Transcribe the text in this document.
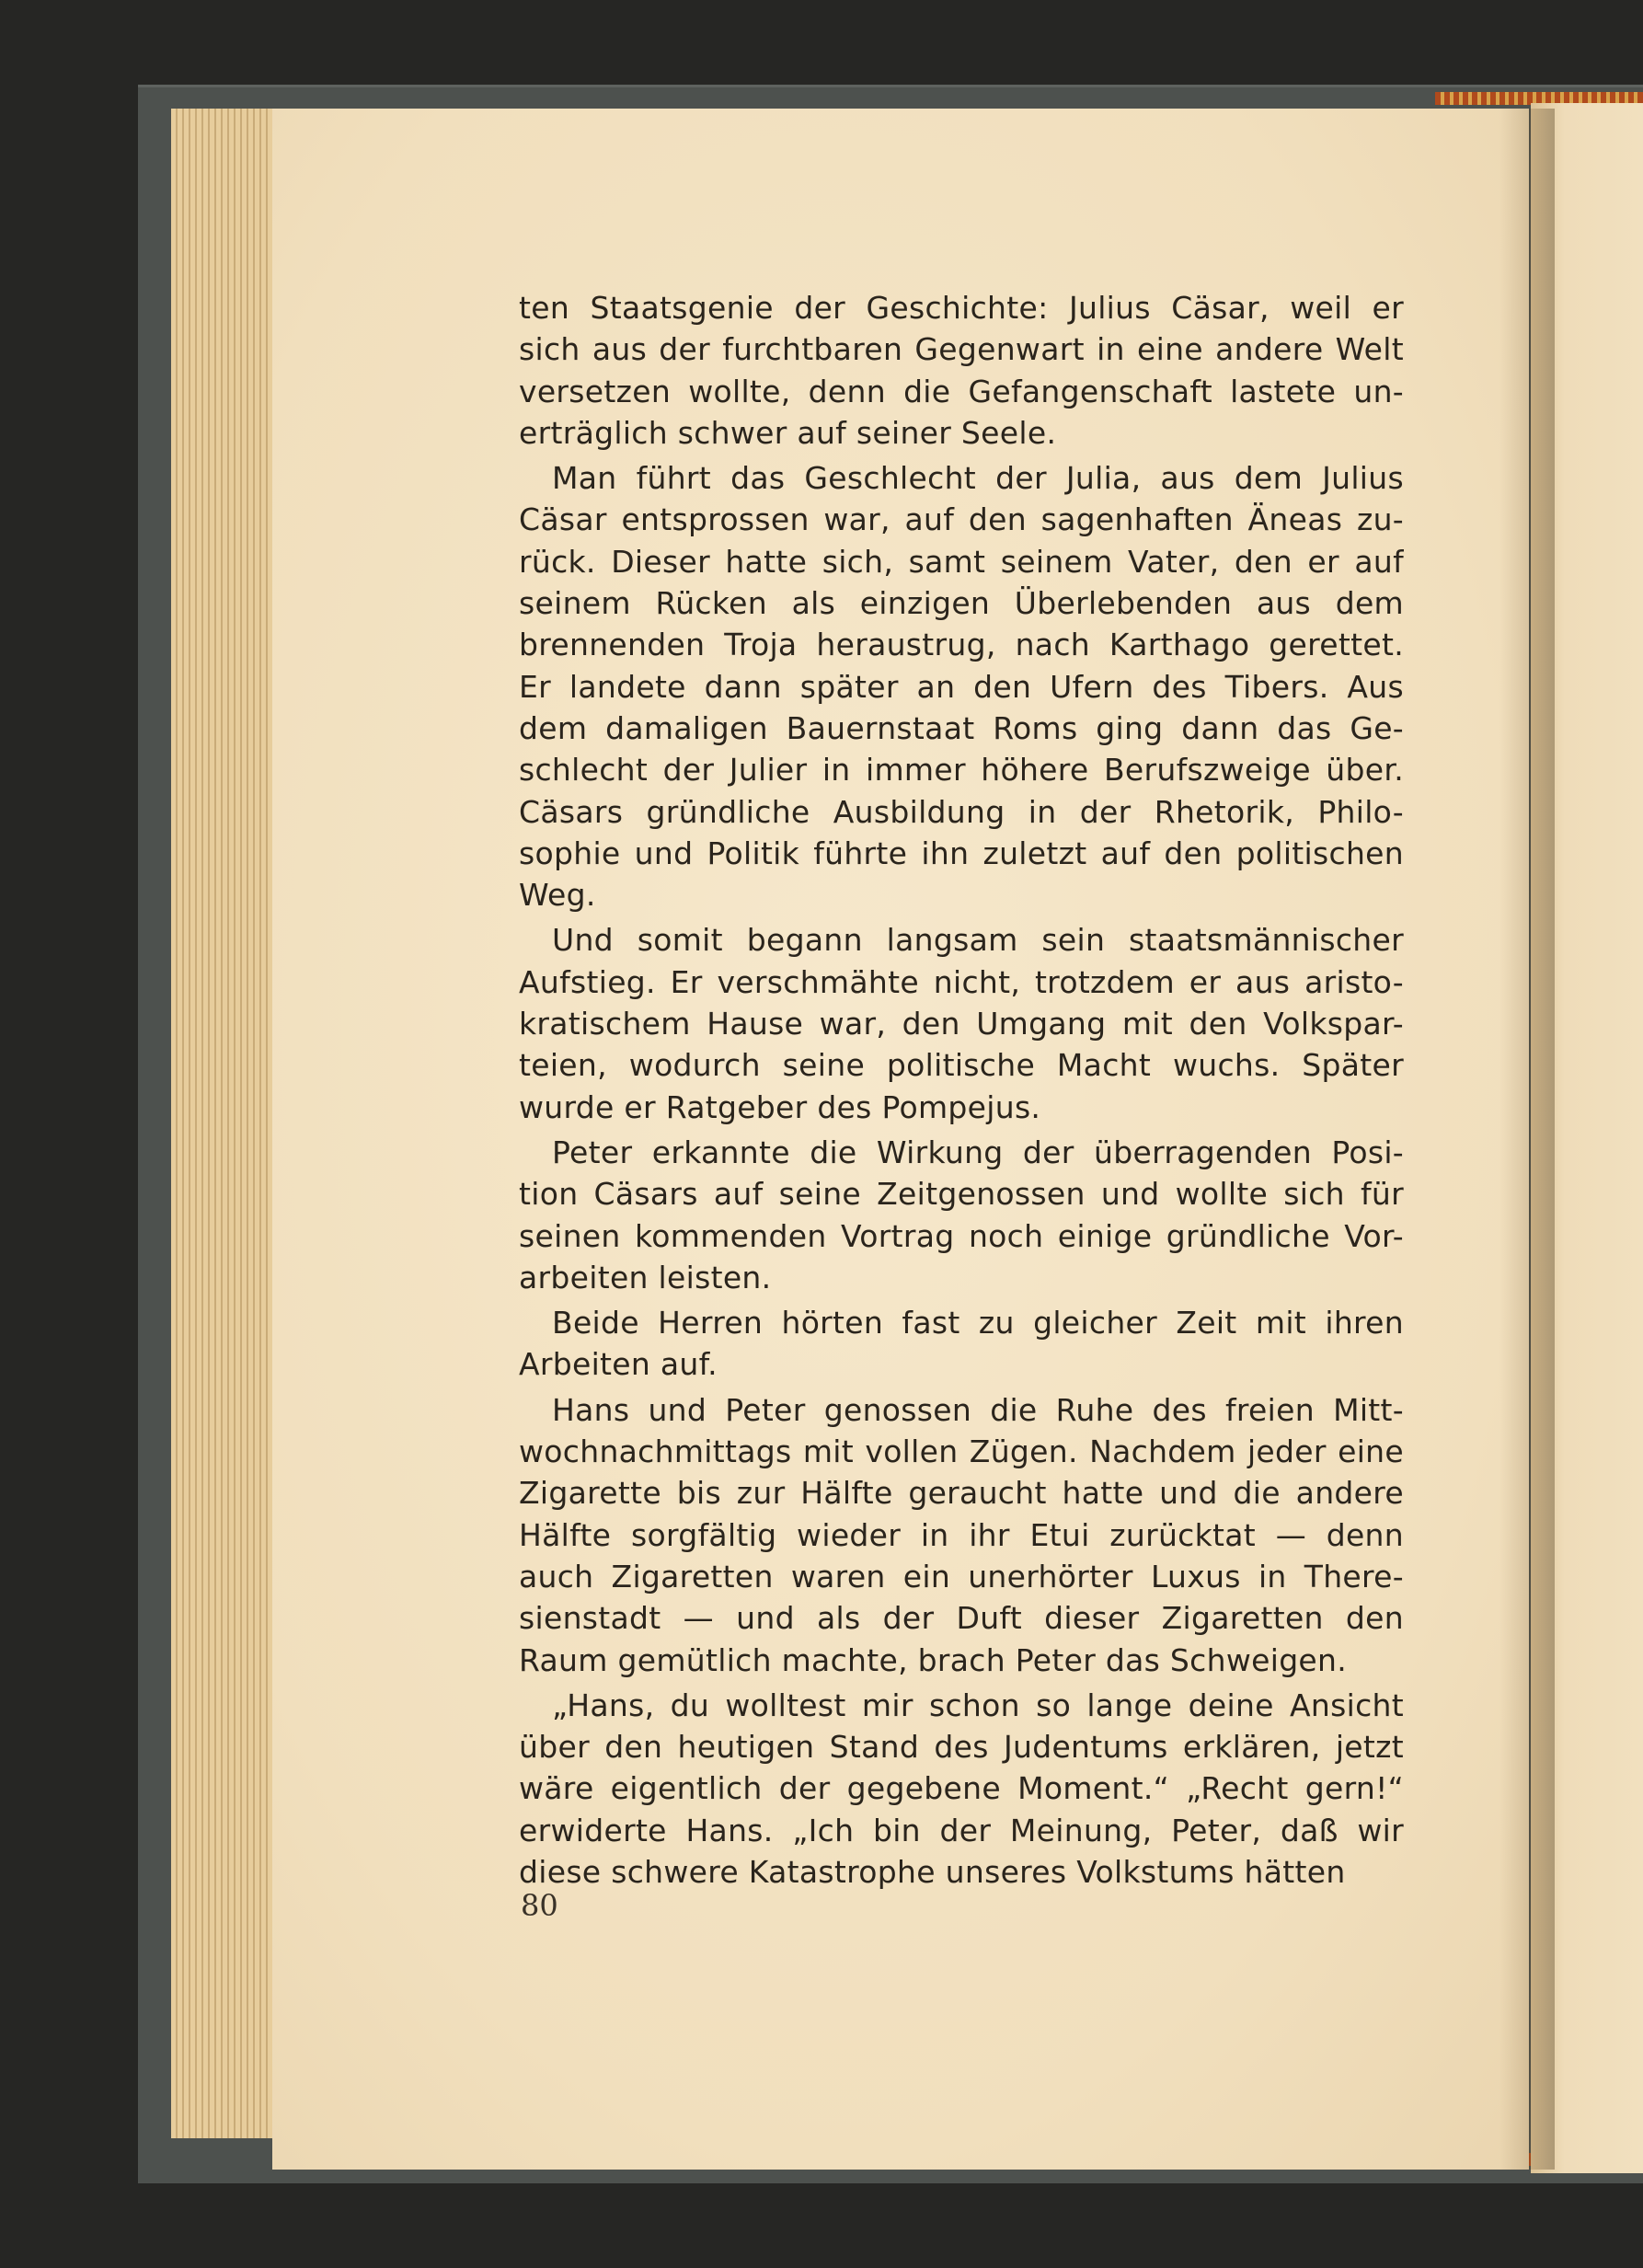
ten Staatsgenie der Geschichte: Julius Cäsar, weil er
sich aus der furchtbaren Gegenwart in eine andere Welt
versetzen wollte, denn die Gefangenschaft lastete un-
erträglich schwer auf seiner Seele.
Man führt das Geschlecht der Julia, aus dem Julius
Cäsar entsprossen war, auf den sagenhaften Äneas zu-
rück. Dieser hatte sich, samt seinem Vater, den er auf
seinem Rücken als einzigen Überlebenden aus dem
brennenden Troja heraustrug, nach Karthago gerettet.
Er landete dann später an den Ufern des Tibers. Aus
dem damaligen Bauernstaat Roms ging dann das Ge-
schlecht der Julier in immer höhere Berufszweige über.
Cäsars gründliche Ausbildung in der Rhetorik, Philo-
sophie und Politik führte ihn zuletzt auf den politischen
Weg.
Und somit begann langsam sein staatsmännischer
Aufstieg. Er verschmähte nicht, trotzdem er aus aristo-
kratischem Hause war, den Umgang mit den Volkspar-
teien, wodurch seine politische Macht wuchs. Später
wurde er Ratgeber des Pompejus.
Peter erkannte die Wirkung der überragenden Posi-
tion Cäsars auf seine Zeitgenossen und wollte sich für
seinen kommenden Vortrag noch einige gründliche Vor-
arbeiten leisten.
Beide Herren hörten fast zu gleicher Zeit mit ihren
Arbeiten auf.
Hans und Peter genossen die Ruhe des freien Mitt-
wochnachmittags mit vollen Zügen. Nachdem jeder eine
Zigarette bis zur Hälfte geraucht hatte und die andere
Hälfte sorgfältig wieder in ihr Etui zurücktat — denn
auch Zigaretten waren ein unerhörter Luxus in There-
sienstadt — und als der Duft dieser Zigaretten den
Raum gemütlich machte, brach Peter das Schweigen.
„Hans, du wolltest mir schon so lange deine Ansicht
über den heutigen Stand des Judentums erklären, jetzt
wäre eigentlich der gegebene Moment.“ „Recht gern!“
erwiderte Hans. „Ich bin der Meinung, Peter, daß wir
diese schwere Katastrophe unseres Volkstums hätten
80
